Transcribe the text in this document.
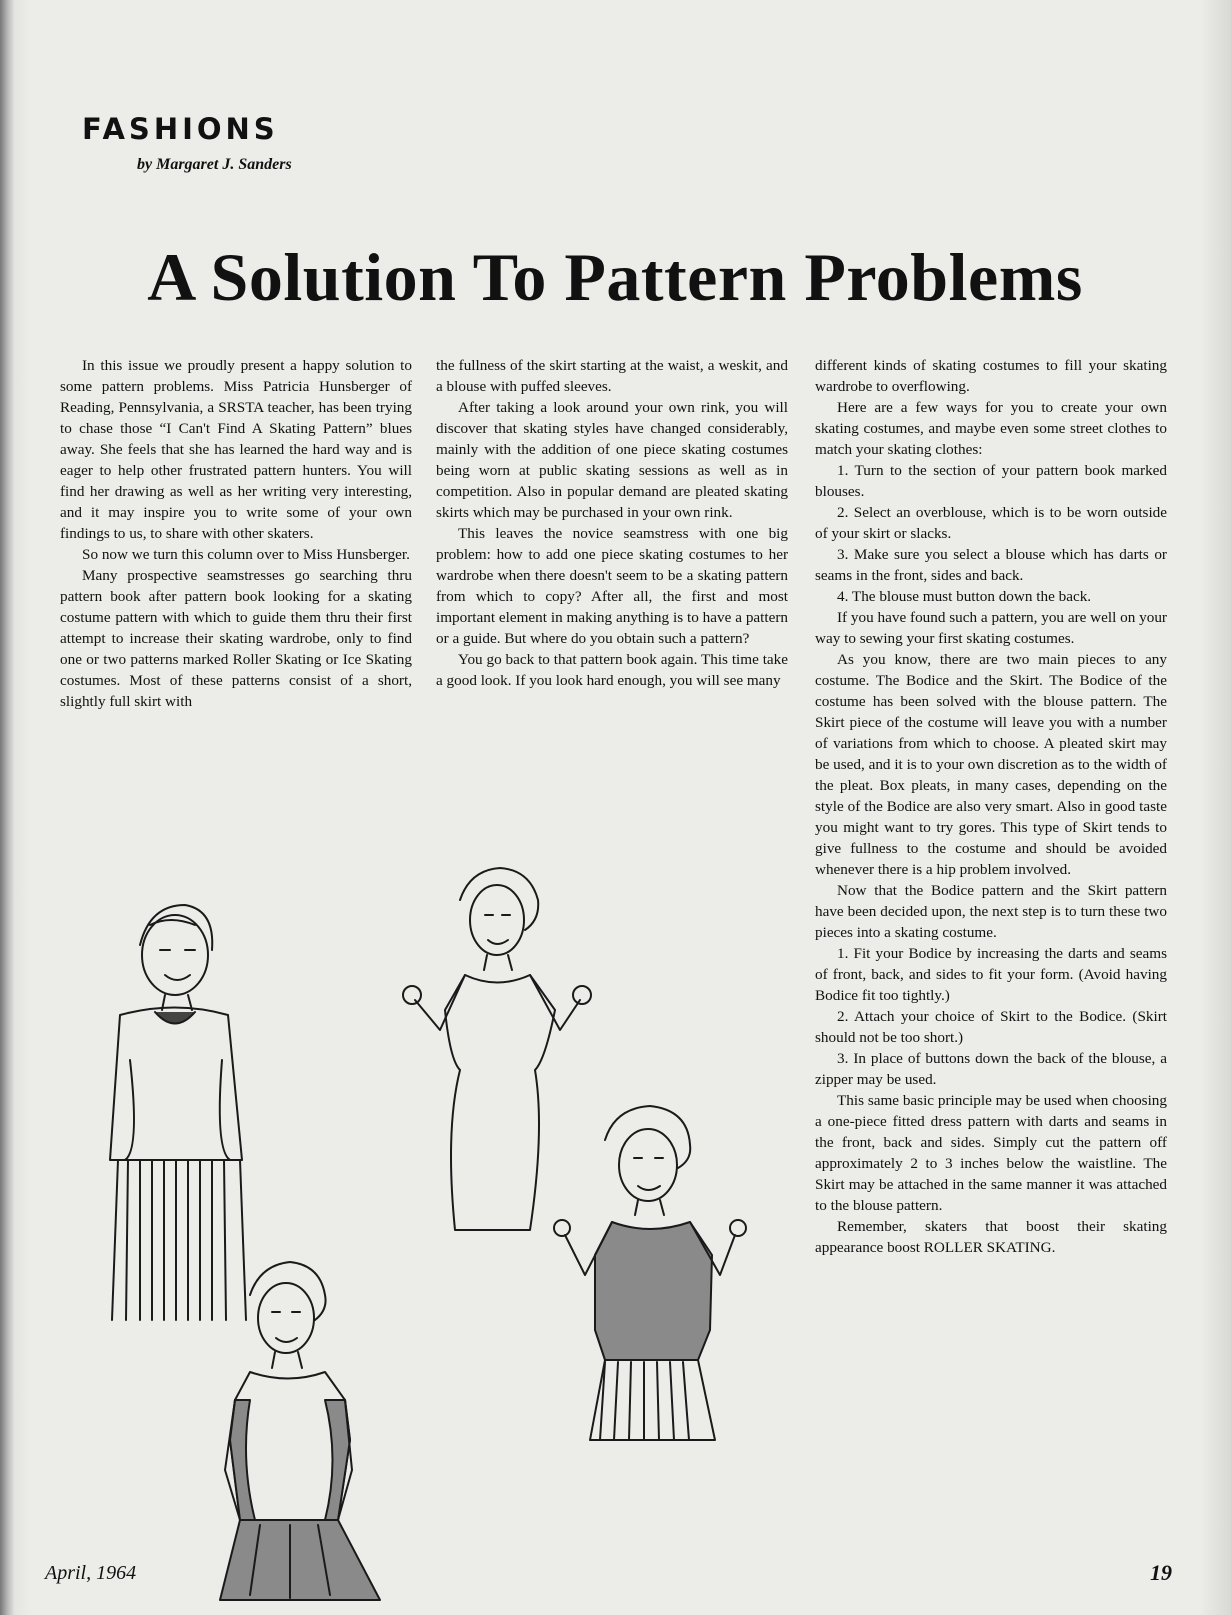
FASHIONS
by Margaret J. Sanders
A Solution To Pattern Problems

In this issue we proudly present a happy solution to some pattern problems. Miss Patricia Hunsberger of Reading, Pennsylvania, a SRSTA teacher, has been trying to chase those “I Can't Find A Skating Pattern” blues away. She feels that she has learned the hard way and is eager to help other frustrated pattern hunters. You will find her drawing as well as her writing very interesting, and it may inspire you to write some of your own findings to us, to share with other skaters.

So now we turn this column over to Miss Hunsberger.

Many prospective seamstresses go searching thru pattern book after pattern book looking for a skating costume pattern with which to guide them thru their first attempt to increase their skating wardrobe, only to find one or two patterns marked Roller Skating or Ice Skating costumes. Most of these patterns consist of a short, slightly full skirt with

the fullness of the skirt starting at the waist, a weskit, and a blouse with puffed sleeves.

After taking a look around your own rink, you will discover that skating styles have changed considerably, mainly with the addition of one piece skating costumes being worn at public skating sessions as well as in competition. Also in popular demand are pleated skating skirts which may be purchased in your own rink.

This leaves the novice seamstress with one big problem: how to add one piece skating costumes to her wardrobe when there doesn't seem to be a skating pattern from which to copy? After all, the first and most important element in making anything is to have a pattern or a guide. But where do you obtain such a pattern?

You go back to that pattern book again. This time take a good look. If you look hard enough, you will see many

different kinds of skating costumes to fill your skating wardrobe to overflowing.

Here are a few ways for you to create your own skating costumes, and maybe even some street clothes to match your skating clothes:

1. Turn to the section of your pattern book marked blouses.

2. Select an overblouse, which is to be worn outside of your skirt or slacks.

3. Make sure you select a blouse which has darts or seams in the front, sides and back.

4. The blouse must button down the back.

If you have found such a pattern, you are well on your way to sewing your first skating costumes.

As you know, there are two main pieces to any costume. The Bodice and the Skirt. The Bodice of the costume has been solved with the blouse pattern. The Skirt piece of the costume will leave you with a number of variations from which to choose. A pleated skirt may be used, and it is to your own discretion as to the width of the pleat. Box pleats, in many cases, depending on the style of the Bodice are also very smart. Also in good taste you might want to try gores. This type of Skirt tends to give fullness to the costume and should be avoided whenever there is a hip problem involved.

Now that the Bodice pattern and the Skirt pattern have been decided upon, the next step is to turn these two pieces into a skating costume.

1. Fit your Bodice by increasing the darts and seams of front, back, and sides to fit your form. (Avoid having Bodice fit too tightly.)

2. Attach your choice of Skirt to the Bodice. (Skirt should not be too short.)

3. In place of buttons down the back of the blouse, a zipper may be used.

This same basic principle may be used when choosing a one-piece fitted dress pattern with darts and seams in the front, back and sides. Simply cut the pattern off approximately 2 to 3 inches below the waistline. The Skirt may be attached in the same manner it was attached to the blouse pattern.

Remember, skaters that boost their skating appearance boost ROLLER SKATING.

April, 1964	19
